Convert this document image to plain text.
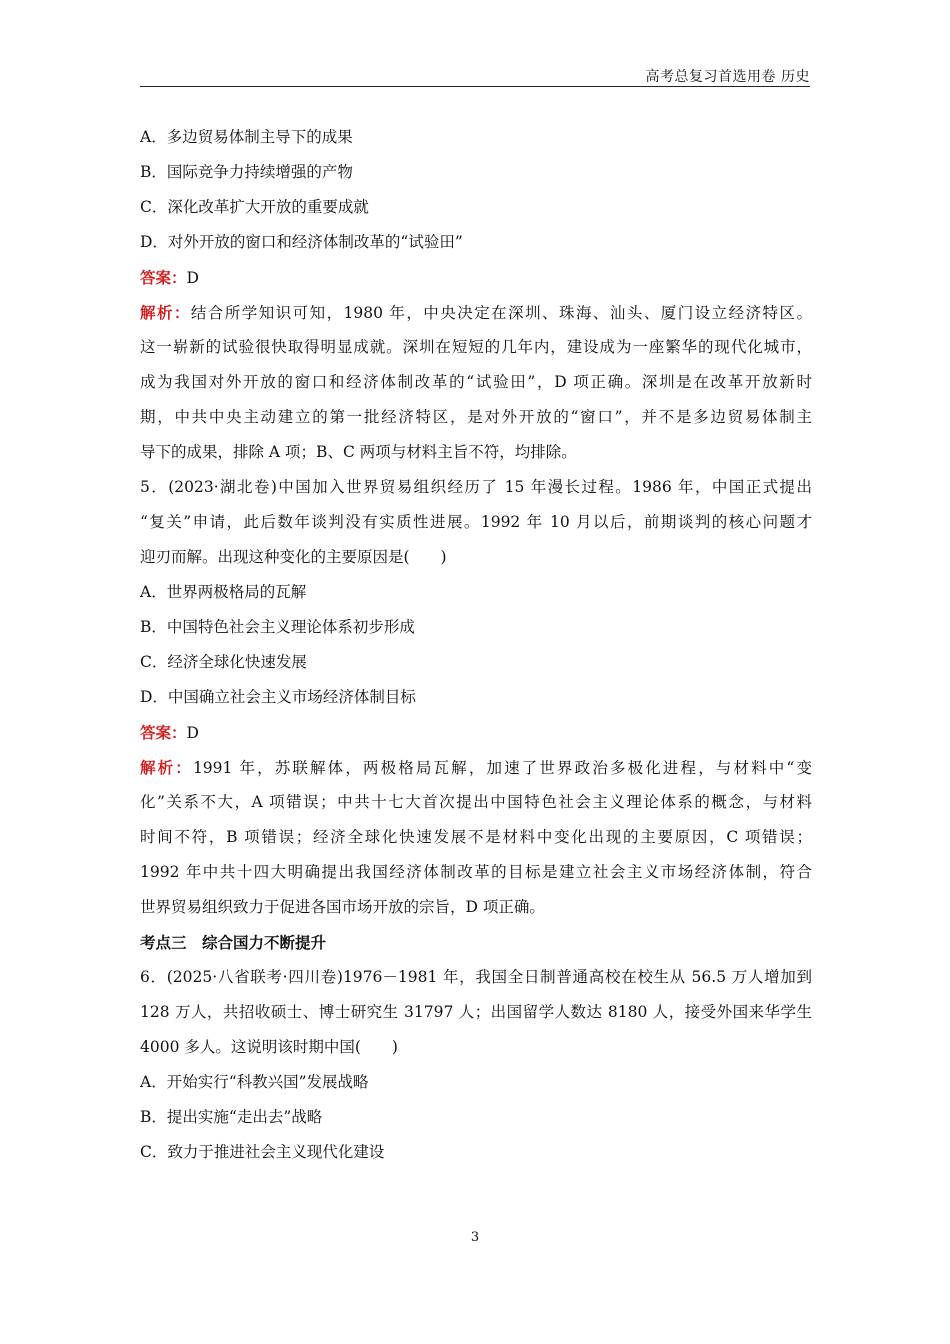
高考总复习首选用卷 历史
A．多边贸易体制主导下的成果
B．国际竞争力持续增强的产物
C．深化改革扩大开放的重要成就
D．对外开放的窗口和经济体制改革的“试验田”
答案：D
解析：结合所学知识可知，1980 年，中央决定在深圳、珠海、汕头、厦门设立经济特区。
这一崭新的试验很快取得明显成就。深圳在短短的几年内，建设成为一座繁华的现代化城市，
成为我国对外开放的窗口和经济体制改革的“试验田”，D 项正确。深圳是在改革开放新时
期，中共中央主动建立的第一批经济特区，是对外开放的“窗口”，并不是多边贸易体制主
导下的成果，排除 A 项；B、C 两项与材料主旨不符，均排除。
5．(2023·湖北卷)中国加入世界贸易组织经历了 15 年漫长过程。1986 年，中国正式提出
“复关”申请，此后数年谈判没有实质性进展。1992 年 10 月以后，前期谈判的核心问题才
迎刃而解。出现这种变化的主要原因是(　　)
A．世界两极格局的瓦解
B．中国特色社会主义理论体系初步形成
C．经济全球化快速发展
D．中国确立社会主义市场经济体制目标
答案：D
解析：1991 年，苏联解体，两极格局瓦解，加速了世界政治多极化进程，与材料中“变
化”关系不大，A 项错误；中共十七大首次提出中国特色社会主义理论体系的概念，与材料
时间不符，B 项错误；经济全球化快速发展不是材料中变化出现的主要原因，C 项错误；
1992 年中共十四大明确提出我国经济体制改革的目标是建立社会主义市场经济体制，符合
世界贸易组织致力于促进各国市场开放的宗旨，D 项正确。
考点三　综合国力不断提升
6．(2025·八省联考·四川卷)1976－1981 年，我国全日制普通高校在校生从 56.5 万人增加到
128 万人，共招收硕士、博士研究生 31797 人；出国留学人数达 8180 人，接受外国来华学生
4000 多人。这说明该时期中国(　　)
A．开始实行“科教兴国”发展战略
B．提出实施“走出去”战略
C．致力于推进社会主义现代化建设
3
